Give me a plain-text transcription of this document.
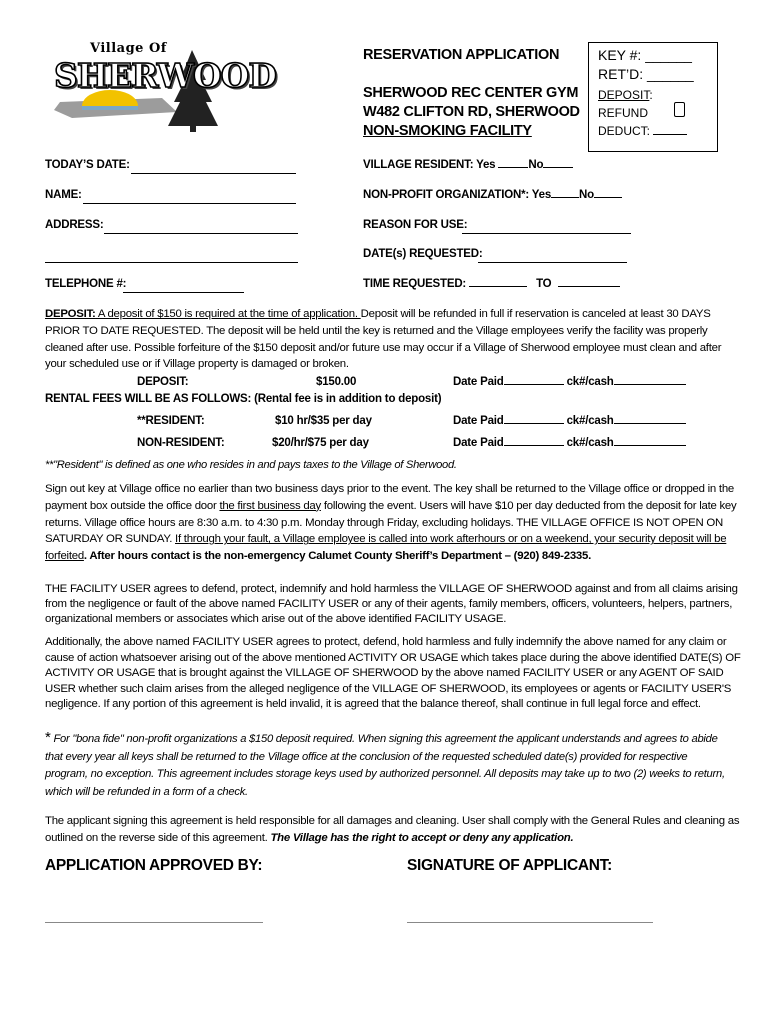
Village Of
SHERWOOD
RESERVATION APPLICATION
SHERWOOD REC CENTER GYM
W482 CLIFTON RD, SHERWOOD
NON-SMOKING FACILITY
KEY #: ______
RET’D: ______
DEPOSIT:
REFUND
DEDUCT:
TODAY’S DATE:
NAME:
ADDRESS:
TELEPHONE #:
VILLAGE RESIDENT: Yes	No
NON-PROFIT ORGANIZATION*: Yes No
REASON FOR USE:
DATE(s) REQUESTED:
TIME REQUESTED:	TO
DEPOSIT: A deposit of $150 is required at the time of application. Deposit will be refunded in full if reservation is canceled at least 30 DAYS
PRIOR TO DATE REQUESTED. The deposit will be held until the key is returned and the Village employees verify the facility was properly
cleaned after use. Possible forfeiture of the $150 deposit and/or future use may occur if a Village of Sherwood employee must clean and after
your scheduled use or if Village property is damaged or broken.
DEPOSIT:	$150.00	Date Paid	ck#/cash
RENTAL FEES WILL BE AS FOLLOWS: (Rental fee is in addition to deposit)
**RESIDENT:	$10 hr/$35 per day	Date Paid	ck#/cash
NON-RESIDENT:	$20/hr/$75 per day	Date Paid	ck#/cash
**"Resident" is defined as one who resides in and pays taxes to the Village of Sherwood.
Sign out key at Village office no earlier than two business days prior to the event. The key shall be returned to the Village office or dropped in the
payment box outside the office door the first business day following the event. Users will have $10 per day deducted from the deposit for late key
returns. Village office hours are 8:30 a.m. to 4:30 p.m. Monday through Friday, excluding holidays. THE VILLAGE OFFICE IS NOT OPEN ON
SATURDAY OR SUNDAY. If through your fault, a Village employee is called into work afterhours or on a weekend, your security deposit will be
forfeited. After hours contact is the non-emergency Calumet County Sheriff’s Department – (920) 849-2335.
THE FACILITY USER agrees to defend, protect, indemnify and hold harmless the VILLAGE OF SHERWOOD against and from all claims arising
from the negligence or fault of the above named FACILITY USER or any of their agents, family members, officers, volunteers, helpers, partners,
organizational members or associates which arise out of the above identified FACILITY USAGE.
Additionally, the above named FACILITY USER agrees to protect, defend, hold harmless and fully indemnify the above named for any claim or
cause of action whatsoever arising out of the above mentioned ACTIVITY OR USAGE which takes place during the above identified DATE(S) OF
ACTIVITY OR USAGE that is brought against the VILLAGE OF SHERWOOD by the above named FACILITY USER or any AGENT OF SAID
USER whether such claim arises from the alleged negligence of the VILLAGE OF SHERWOOD, its employees or agents or FACILITY USER'S
negligence. If any portion of this agreement is held invalid, it is agreed that the balance thereof, shall continue in full legal force and effect.
* For "bona fide" non-profit organizations a $150 deposit required. When signing this agreement the applicant understands and agrees to abide
that every year all keys shall be returned to the Village office at the conclusion of the requested scheduled date(s) provided for respective
program, no exception. This agreement includes storage keys used by authorized personnel. All deposits may take up to two (2) weeks to return,
which will be refunded in a form of a check.
The applicant signing this agreement is held responsible for all damages and cleaning. User shall comply with the General Rules and cleaning as
outlined on the reverse side of this agreement. The Village has the right to accept or deny any application.
APPLICATION APPROVED BY:	SIGNATURE OF APPLICANT:
